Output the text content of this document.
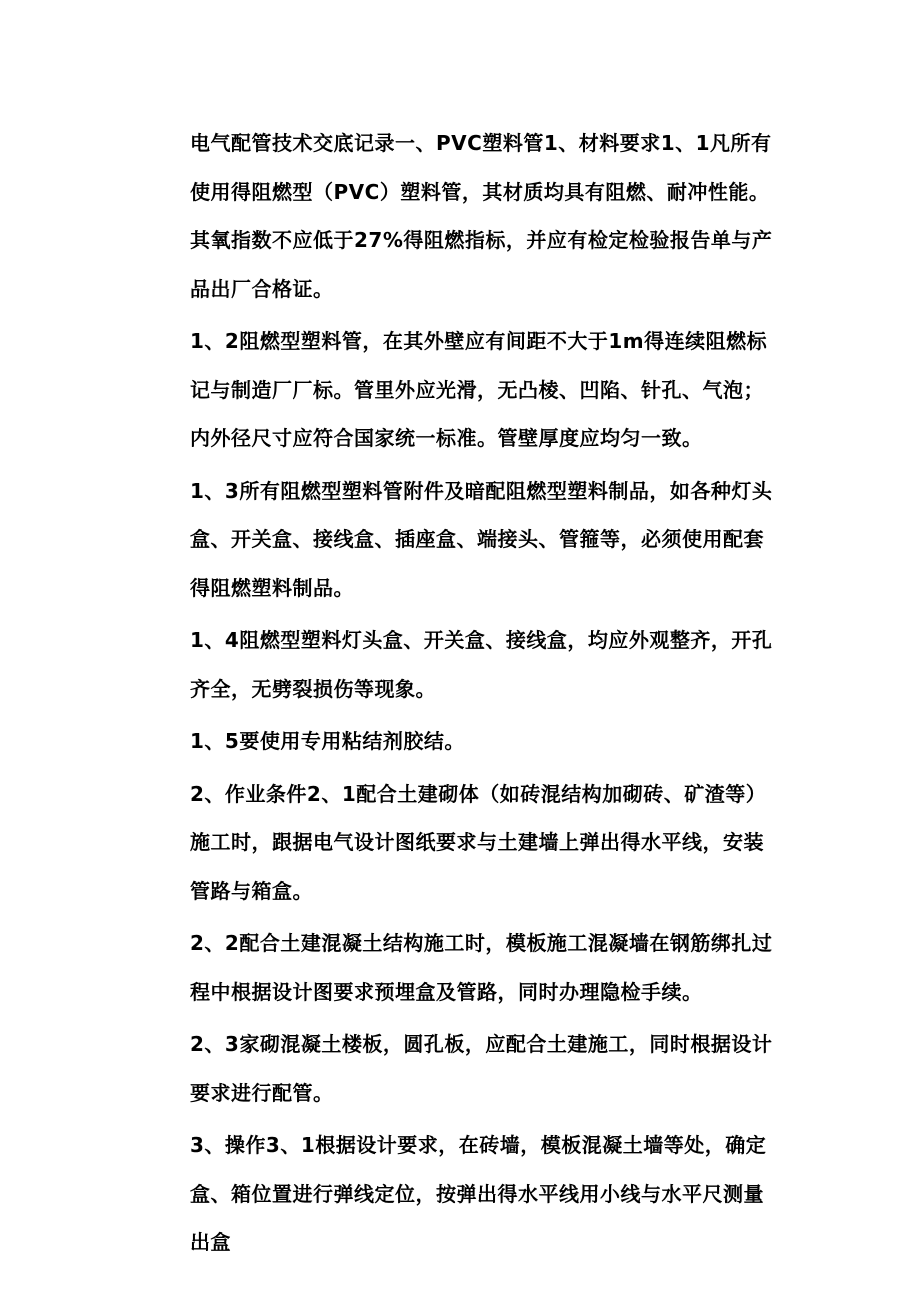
电气配管技术交底记录一、PVC塑料管1、材料要求1、1凡所有使用得阻燃型（PVC）塑料管，其材质均具有阻燃、耐冲性能。其氧指数不应低于27%得阻燃指标，并应有检定检验报告单与产品出厂合格证。

1、2阻燃型塑料管，在其外壁应有间距不大于1m得连续阻燃标记与制造厂厂标。管里外应光滑，无凸棱、凹陷、针孔、气泡；内外径尺寸应符合国家统一标准。管壁厚度应均匀一致。

1、3所有阻燃型塑料管附件及暗配阻燃型塑料制品，如各种灯头盒、开关盒、接线盒、插座盒、端接头、管箍等，必须使用配套得阻燃塑料制品。

1、4阻燃型塑料灯头盒、开关盒、接线盒，均应外观整齐，开孔齐全，无劈裂损伤等现象。

1、5要使用专用粘结剂胶结。

2、作业条件2、1配合土建砌体（如砖混结构加砌砖、矿渣等）施工时，跟据电气设计图纸要求与土建墙上弹出得水平线，安装管路与箱盒。

2、2配合土建混凝土结构施工时，模板施工混凝墙在钢筋绑扎过程中根据设计图要求预埋盒及管路，同时办理隐检手续。

2、3家砌混凝土楼板，圆孔板，应配合土建施工，同时根据设计要求进行配管。

3、操作3、1根据设计要求，在砖墙，模板混凝土墙等处，确定盒、箱位置进行弹线定位，按弹出得水平线用小线与水平尺测量出盒
